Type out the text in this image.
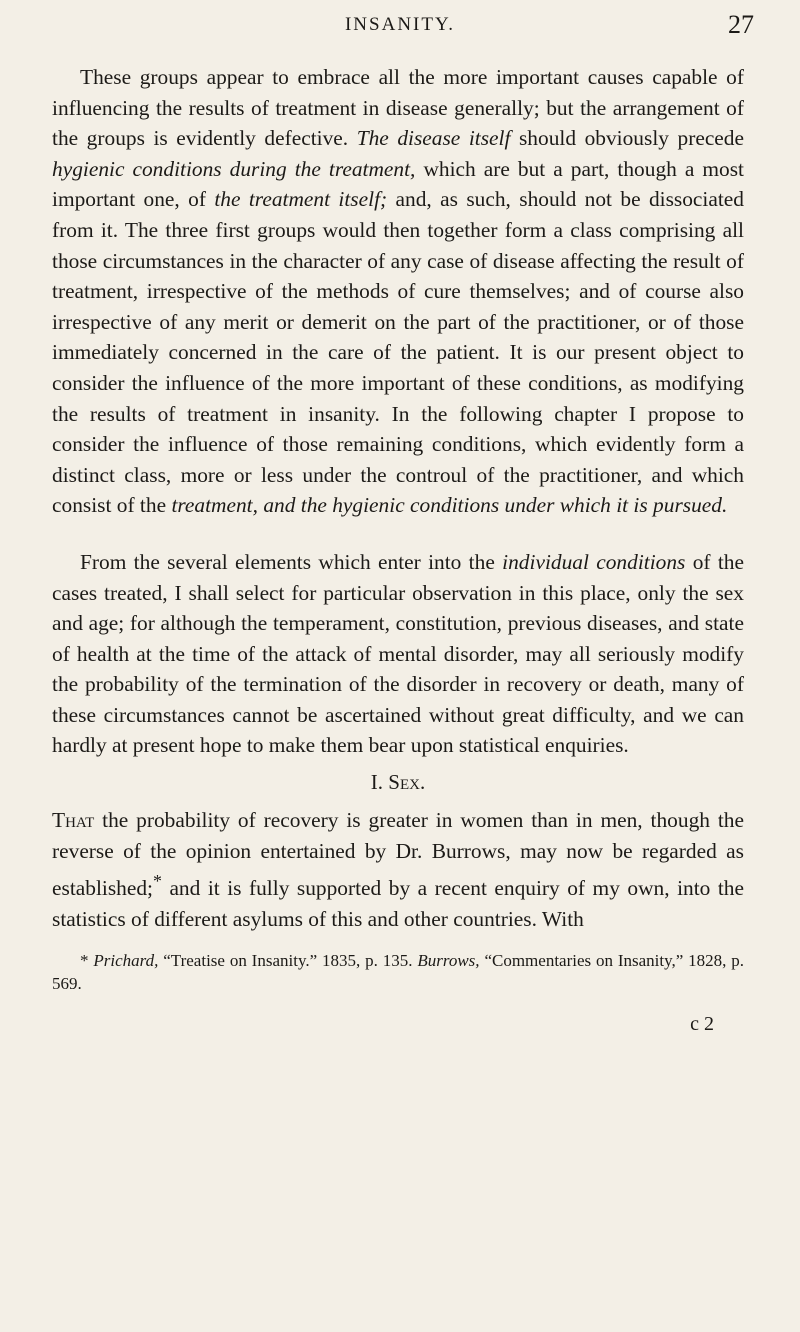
INSANITY.	27

These groups appear to embrace all the more important causes capable of influencing the results of treatment in disease generally; but the arrangement of the groups is evidently defective. The disease itself should obviously precede hygienic conditions during the treatment, which are but a part, though a most important one, of the treatment itself; and, as such, should not be dissociated from it. The three first groups would then together form a class comprising all those circumstances in the character of any case of disease affecting the result of treatment, irrespective of the methods of cure themselves; and of course also irrespective of any merit or demerit on the part of the practitioner, or of those immediately concerned in the care of the patient. It is our present object to consider the influence of the more important of these conditions, as modifying the results of treatment in insanity. In the following chapter I propose to consider the influence of those remaining conditions, which evidently form a distinct class, more or less under the controul of the practitioner, and which consist of the treatment, and the hygienic conditions under which it is pursued.

From the several elements which enter into the individual conditions of the cases treated, I shall select for particular observation in this place, only the sex and age; for although the temperament, constitution, previous diseases, and state of health at the time of the attack of mental disorder, may all seriously modify the probability of the termination of the disorder in recovery or death, many of these circumstances cannot be ascertained without great difficulty, and we can hardly at present hope to make them bear upon statistical enquiries.

I. Sex.

That the probability of recovery is greater in women than in men, though the reverse of the opinion entertained by Dr. Burrows, may now be regarded as established;* and it is fully supported by a recent enquiry of my own, into the statistics of different asylums of this and other countries. With

* Prichard, “Treatise on Insanity.” 1835, p. 135. Burrows, “Commentaries on Insanity,” 1828, p. 569.
c 2
